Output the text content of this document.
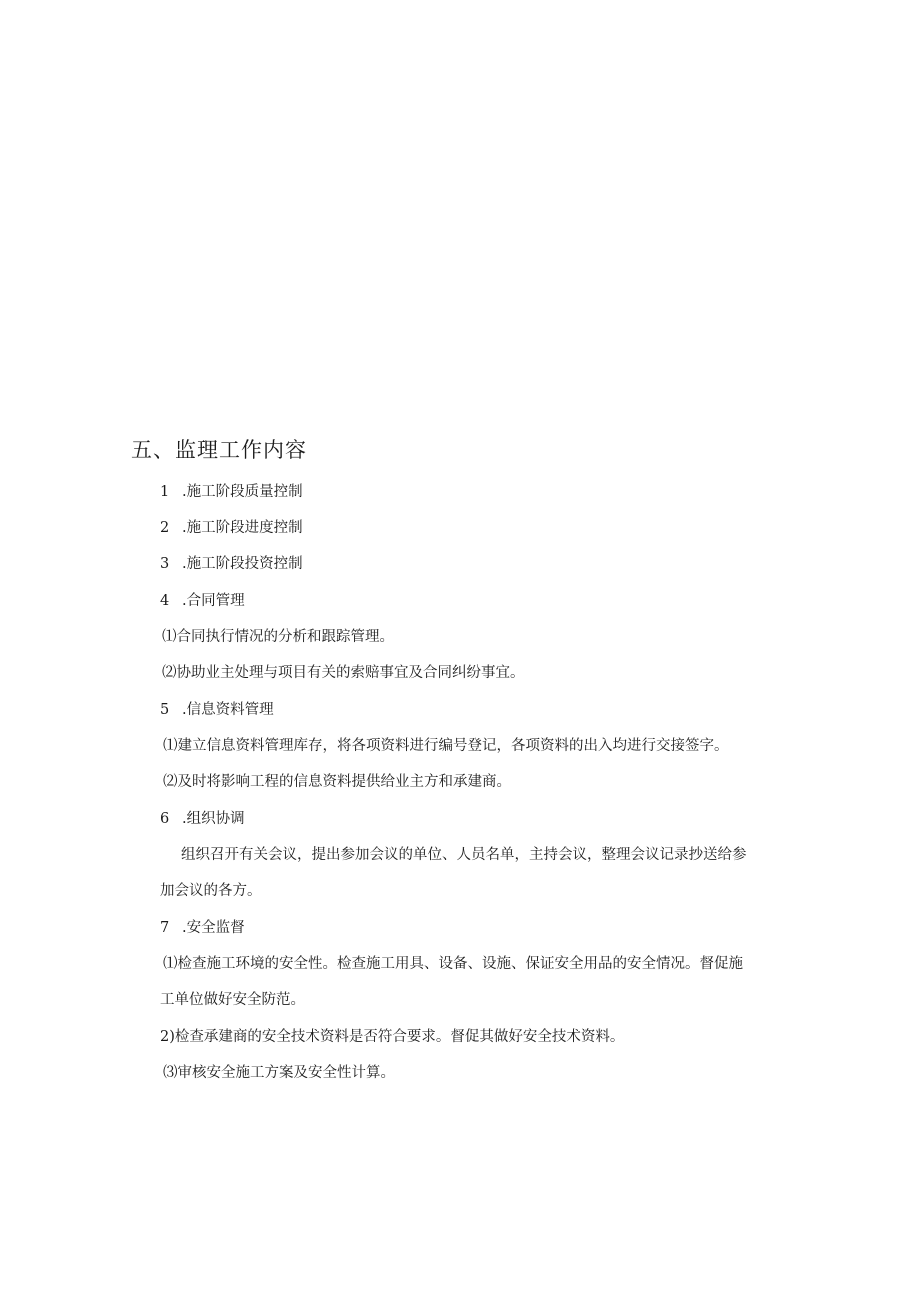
五、监理工作内容
1 .施工阶段质量控制
2 .施工阶段进度控制
3 .施工阶段投资控制
4 .合同管理
⑴合同执行情况的分析和跟踪管理。
⑵协助业主处理与项目有关的索赔事宜及合同纠纷事宜。
5 .信息资料管理
⑴建立信息资料管理库存，将各项资料进行编号登记，各项资料的出入均进行交接签字。
⑵及时将影响工程的信息资料提供给业主方和承建商。
6 .组织协调
组织召开有关会议，提出参加会议的单位、人员名单，主持会议，整理会议记录抄送给参
加会议的各方。
7 .安全监督
⑴检查施工环境的安全性。检查施工用具、设备、设施、保证安全用品的安全情况。督促施
工单位做好安全防范。
2)检查承建商的安全技术资料是否符合要求。督促其做好安全技术资料。
⑶审核安全施工方案及安全性计算。
